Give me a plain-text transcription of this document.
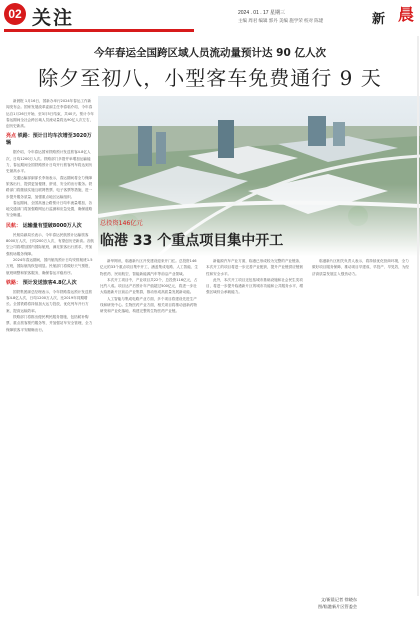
02 关注	2024 . 01 . 17 星期三
主编 周君 编辑 郭丹 美编 施学荣 校对 陈建	新 晨
今年春运全国跨区域人员流动量预计达 90 亿人次
除夕至初八，小型客车免费通行 9 天

新晨报 1月16日，国新办举行2024年春运工作新闻发布会。国家发展改革委副主任李春临介绍，今年春运自1月26日开始，至3月5日结束，共40天。预计今年春运期间全社会跨区域人员流动量将达90亿人次左右，创历史新高。

亮点 铁路：预计日均车次增至3020万辆

据介绍，今年春运国家铁路预计发送旅客4.8亿人次，日均1200万人次。铁路部门多措并举增加运输能力，春运期间全国铁路预计日均开行旅客列车将达到历史最高水平。

交通运输部副部长李扬表示，春运期间将全力保障旅客出行，提供更加便捷、舒适、安全的出行服务。铁路部门将继续实施互联网售票、电子客票等措施，进一步提升服务质量，加强重点地区运输组织。

春运期间，全国高速公路预计日均车流量增加，各地交通部门将加强路网运行监测和应急处置，确保道路安全畅通。

民航： 运输量有望破8000万人次

民航局副局长表示，今年春运民航预计运输旅客8000万人次，日均200万人次，有望创历史新高。各航空公司将增加国内国际航班，满足旅客出行需求，并加强机场服务保障。

2024年春运期间，国内航线预计日均安排航班1.5万班，国际航线恢复明显。民航部门将做好天气预报、航班调整和旅客服务，确保春运平稳有序。

铁路： 预计发送旅客4.8亿人次

国铁集团副总经理表示，今年铁路春运预计发送旅客4.8亿人次，日均1200万人次，比2019年同期增长。全国铁路将持续加大运力投放，优化列车开行方案，提高运输效率。

铁路部门将推出便民利民服务措施，包括候补购票、重点旅客预约服务等，并加强站车安全管理，全力保障旅客平安顺畅出行。

总投资146亿元
临港 33 个重点项目集中开工

新华网讯，临港新片区开发建设迎来开门红。总投资146亿元的33个重点项目集中开工，涵盖集成电路、人工智能、生物医药、民用航空、智能新能源汽车等前沿产业领域。

本次开工项目中，产业项目共22个，总投资116亿元，占比约八成。项目达产后预计年产值超过500亿元，将进一步壮大临港新片区前沿产业集群，推动形成高质量发展新动能。

人工智能与集成电路产业方面，多个项目将建设先进生产线和研发中心。生物医药产业方面，相关项目将推动创新药物研发和产业化落地，构建完整的生物医药产业链。

新能源汽车产业方面，临港已形成较为完整的产业链条，本次开工的项目将进一步完善产业配套，提升产业链供应链韧性和安全水平。

此外，本次开工项目还包括城市基础设施和社会民生类项目，将进一步提升临港新片区的城市功能和公共服务水平，增强区域综合承载能力。

临港新片区相关负责人表示，将持续优化营商环境，全力做好项目服务保障，推动项目早建成、早投产、早见效，为经济高质量发展注入强劲动力。

文/新晨记者 徐晓东
图/临港新片区管委会
